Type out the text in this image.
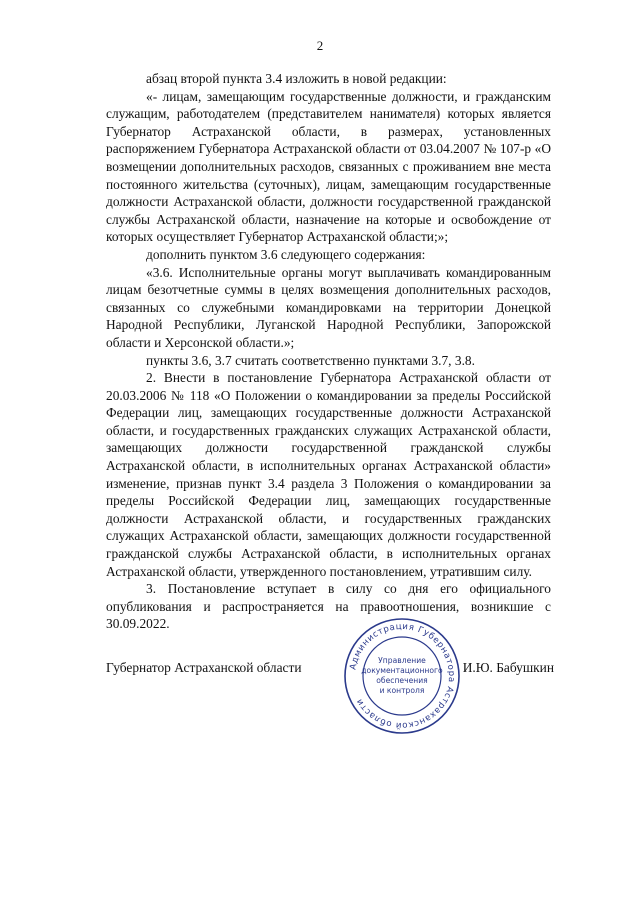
2

абзац второй пункта 3.4 изложить в новой редакции:

«- лицам, замещающим государственные должности, и гражданским служащим, работодателем (представителем нанимателя) которых является Губернатор Астраханской области, в размерах, установленных распоряжением Губернатора Астраханской области от 03.04.2007 № 107-р «О возмещении дополнительных расходов, связанных с проживанием вне места постоянного жительства (суточных), лицам, замещающим государственные должности Астраханской области, должности государственной гражданской службы Астраханской области, назначение на которые и освобождение от которых осуществляет Губернатор Астраханской области;»;

дополнить пунктом 3.6 следующего содержания:

«3.6. Исполнительные органы могут выплачивать командированным лицам безотчетные суммы в целях возмещения дополнительных расходов, связанных со служебными командировками на территории Донецкой Народной Республики, Луганской Народной Республики, Запорожской области и Херсонской области.»;

пункты 3.6, 3.7 считать соответственно пунктами 3.7, 3.8.

2. Внести в постановление Губернатора Астраханской области от 20.03.2006 № 118 «О Положении о командировании за пределы Российской Федерации лиц, замещающих государственные должности Астраханской области, и государственных гражданских служащих Астраханской области, замещающих должности государственной гражданской службы Астраханской области, в исполнительных органах Астраханской области» изменение, признав пункт 3.4 раздела 3 Положения о командировании за пределы Российской Федерации лиц, замещающих государственные должности Астраханской области, и государственных гражданских служащих Астраханской области, замещающих должности государственной гражданской службы Астраханской области, в исполнительных органах Астраханской области, утвержденного постановлением, утратившим силу.

3. Постановление вступает в силу со дня его официального опубликования и распространяется на правоотношения, возникшие с 30.09.2022.

Губернатор Астраханской области	И.Ю. Бабушкин
Администрация Губернатора Астраханской области
Управление
документационного
обеспечения
и контроля
